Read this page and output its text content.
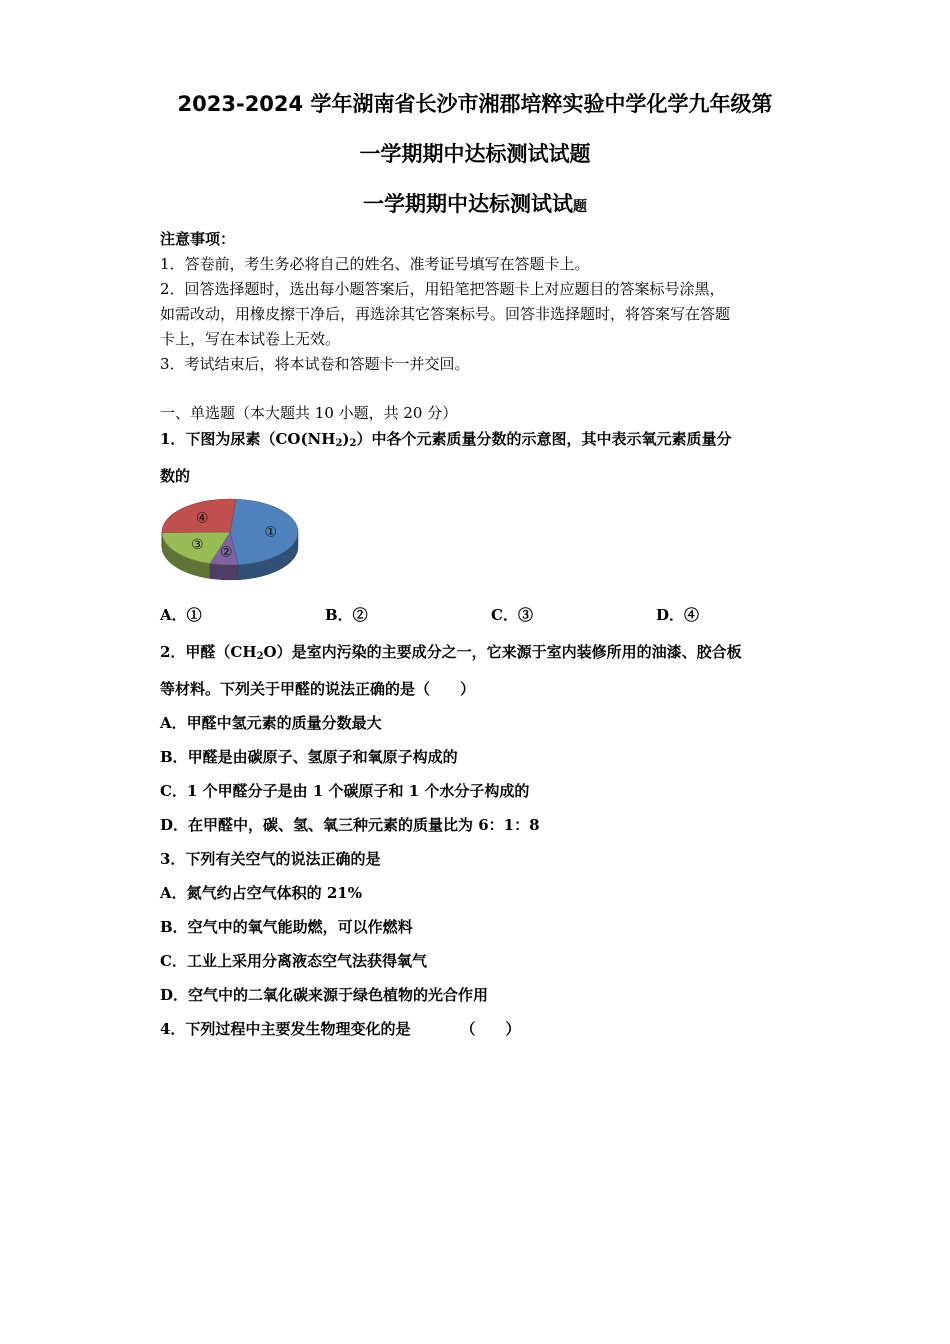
2023-2024 学年湖南省长沙市湘郡培粹实验中学化学九年级第
一学期期中达标测试试题
一学期期中达标测试试题
注意事项：
1．答卷前，考生务必将自己的姓名、准考证号填写在答题卡上。
2．回答选择题时，选出每小题答案后，用铅笔把答题卡上对应题目的答案标号涂黑，
如需改动，用橡皮擦干净后，再选涂其它答案标号。回答非选择题时，将答案写在答题
卡上，写在本试卷上无效。
3．考试结束后，将本试卷和答题卡一并交回。
一、单选题（本大题共 10 小题，共 20 分）
1．下图为尿素$(CO(NH_2)_2)$中各个元素质量分数的示意图，其中表示氧元素质量分
数的
①
②
③
④
A．①	B．②	C．③	D．④
2．甲醛$(CH_2O)$是室内污染的主要成分之一，它来源于室内装修所用的油漆、胶合板
等材料。下列关于甲醛的说法正确的是（　　）
A．甲醛中氢元素的质量分数最大
B．甲醛是由碳原子、氢原子和氧原子构成的
C．1 个甲醛分子是由 1 个碳原子和 1 个水分子构成的
D．在甲醛中，碳、氢、氧三种元素的质量比为 6：1：8
3．下列有关空气的说法正确的是
A．氮气约占空气体积的 21%
B．空气中的氧气能助燃，可以作燃料
C．工业上采用分离液态空气法获得氧气
D．空气中的二氧化碳来源于绿色植物的光合作用
4．下列过程中主要发生物理变化的是	（　　）
